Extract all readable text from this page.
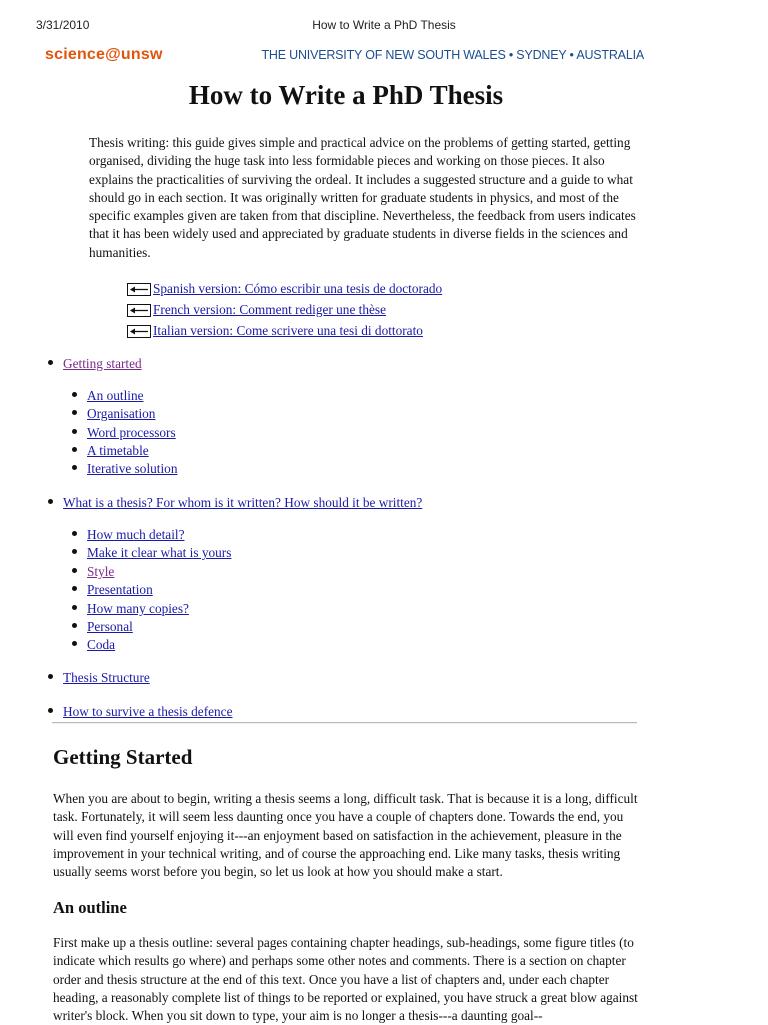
3/31/2010	How to Write a PhD Thesis
science@unsw	THE UNIVERSITY OF NEW SOUTH WALES • SYDNEY • AUSTRALIA
How to Write a PhD Thesis

Thesis writing: this guide gives simple and practical advice on the problems of getting started, getting organised, dividing the huge task into less formidable pieces and working on those pieces. It also explains the practicalities of surviving the ordeal. It includes a suggested structure and a guide to what should go in each section. It was originally written for graduate students in physics, and most of the specific examples given are taken from that discipline. Nevertheless, the feedback from users indicates that it has been widely used and appreciated by graduate students in diverse fields in the sciences and humanities.

Spanish version: Cómo escribir una tesis de doctorado
French version: Comment rediger une thèse
Italian version: Come scrivere una tesi di dottorato
Getting started
An outline
Organisation
Word processors
A timetable
Iterative solution
What is a thesis? For whom is it written? How should it be written?
How much detail?
Make it clear what is yours
Style
Presentation
How many copies?
Personal
Coda
Thesis Structure
How to survive a thesis defence
Getting Started

When you are about to begin, writing a thesis seems a long, difficult task. That is because it is a long, difficult task. Fortunately, it will seem less daunting once you have a couple of chapters done. Towards the end, you will even find yourself enjoying it---an enjoyment based on satisfaction in the achievement, pleasure in the improvement in your technical writing, and of course the approaching end. Like many tasks, thesis writing usually seems worst before you begin, so let us look at how you should make a start.

An outline

First make up a thesis outline: several pages containing chapter headings, sub-headings, some figure titles (to indicate which results go where) and perhaps some other notes and comments. There is a section on chapter order and thesis structure at the end of this text. Once you have a list of chapters and, under each chapter heading, a reasonably complete list of things to be reported or explained, you have struck a great blow against writer's block. When you sit down to type, your aim is no longer a thesis---a daunting goal--
